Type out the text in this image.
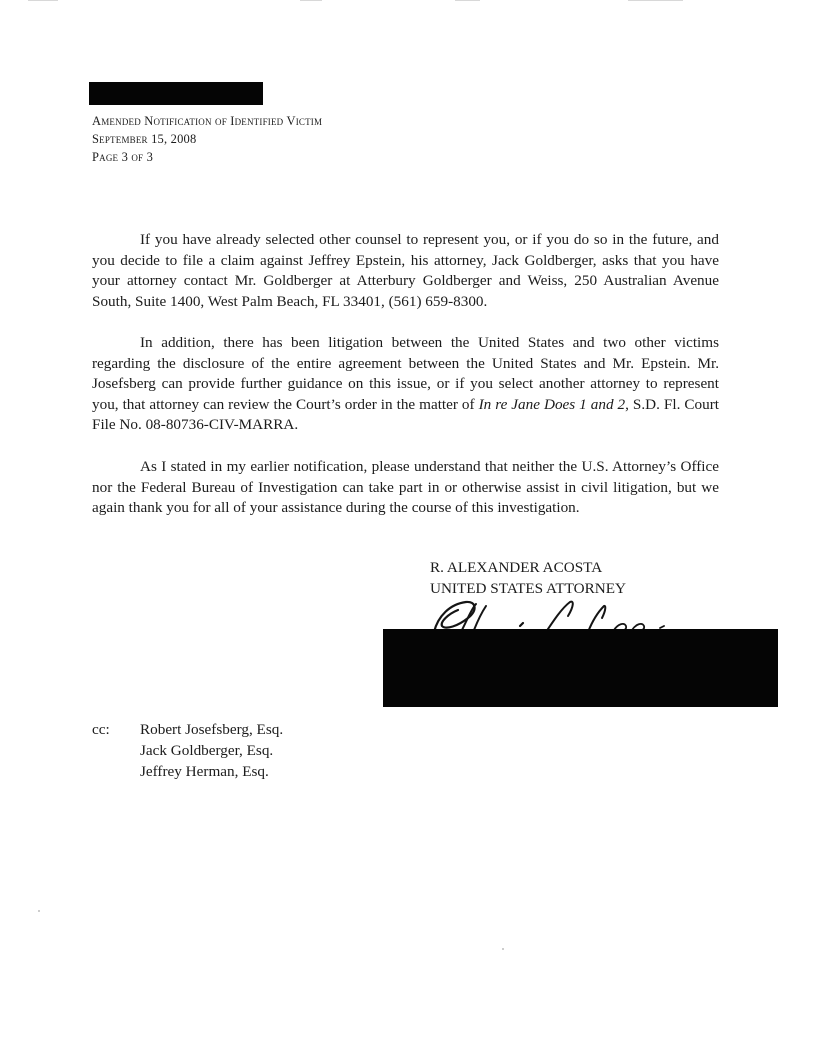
Amended Notification of Identified Victim
September 15, 2008
Page 3 of 3

If you have already selected other counsel to represent you, or if you do so in the future, and you decide to file a claim against Jeffrey Epstein, his attorney, Jack Goldberger, asks that you have your attorney contact Mr. Goldberger at Atterbury Goldberger and Weiss, 250 Australian Avenue South, Suite 1400, West Palm Beach, FL 33401, (561) 659-8300.

In addition, there has been litigation between the United States and two other victims regarding the disclosure of the entire agreement between the United States and Mr. Epstein. Mr. Josefsberg can provide further guidance on this issue, or if you select another attorney to represent you, that attorney can review the Court’s order in the matter of In re Jane Does 1 and 2, S.D. Fl. Court File No. 08-80736-CIV-MARRA.

As I stated in my earlier notification, please understand that neither the U.S. Attorney’s Office nor the Federal Bureau of Investigation can take part in or otherwise assist in civil litigation, but we again thank you for all of your assistance during the course of this investigation.

R. ALEXANDER ACOSTA
UNITED STATES ATTORNEY
cc: Robert Josefsberg, Esq.
Jack Goldberger, Esq.
Jeffrey Herman, Esq.
